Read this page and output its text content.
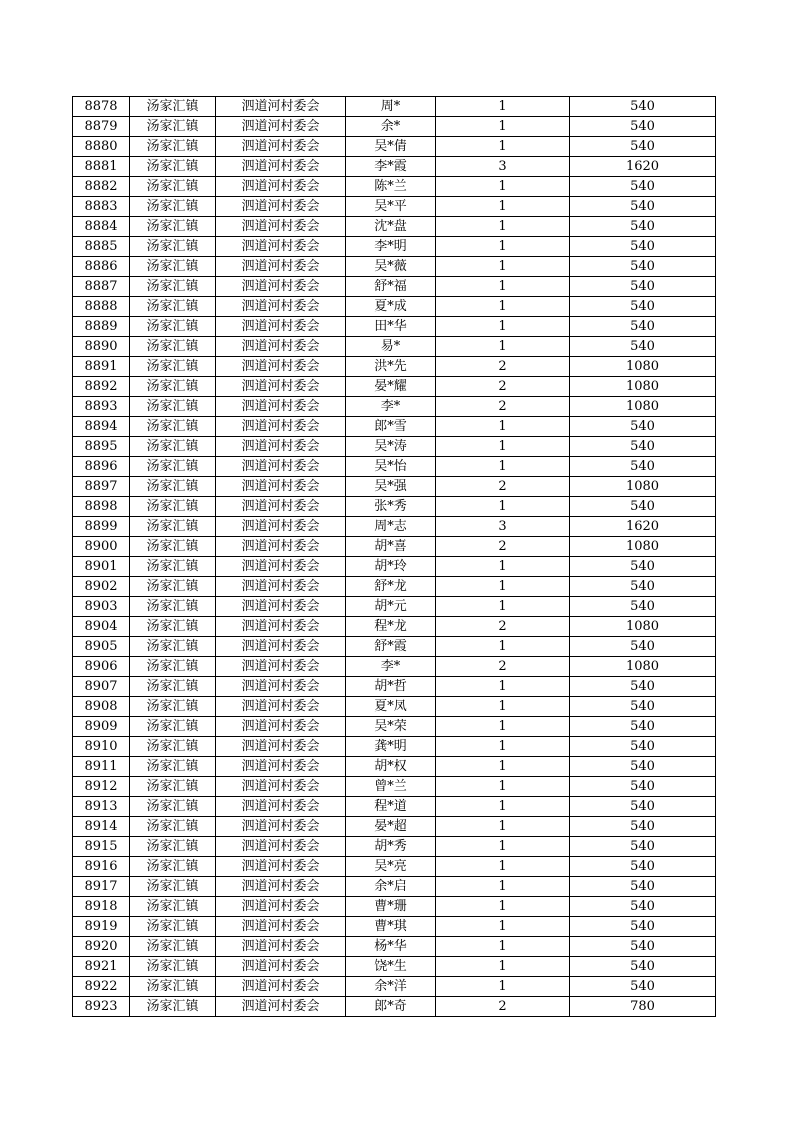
8878	汤家汇镇	泗道河村委会	周*	1	540
8879	汤家汇镇	泗道河村委会	余*	1	540
8880	汤家汇镇	泗道河村委会	吴*倩	1	540
8881	汤家汇镇	泗道河村委会	李*霞	3	1620
8882	汤家汇镇	泗道河村委会	陈*兰	1	540
8883	汤家汇镇	泗道河村委会	吴*平	1	540
8884	汤家汇镇	泗道河村委会	沈*盘	1	540
8885	汤家汇镇	泗道河村委会	李*明	1	540
8886	汤家汇镇	泗道河村委会	吴*薇	1	540
8887	汤家汇镇	泗道河村委会	舒*福	1	540
8888	汤家汇镇	泗道河村委会	夏*成	1	540
8889	汤家汇镇	泗道河村委会	田*华	1	540
8890	汤家汇镇	泗道河村委会	易*	1	540
8891	汤家汇镇	泗道河村委会	洪*先	2	1080
8892	汤家汇镇	泗道河村委会	晏*耀	2	1080
8893	汤家汇镇	泗道河村委会	李*	2	1080
8894	汤家汇镇	泗道河村委会	郎*雪	1	540
8895	汤家汇镇	泗道河村委会	吴*涛	1	540
8896	汤家汇镇	泗道河村委会	吴*怡	1	540
8897	汤家汇镇	泗道河村委会	吴*强	2	1080
8898	汤家汇镇	泗道河村委会	张*秀	1	540
8899	汤家汇镇	泗道河村委会	周*志	3	1620
8900	汤家汇镇	泗道河村委会	胡*喜	2	1080
8901	汤家汇镇	泗道河村委会	胡*玲	1	540
8902	汤家汇镇	泗道河村委会	舒*龙	1	540
8903	汤家汇镇	泗道河村委会	胡*元	1	540
8904	汤家汇镇	泗道河村委会	程*龙	2	1080
8905	汤家汇镇	泗道河村委会	舒*霞	1	540
8906	汤家汇镇	泗道河村委会	李*	2	1080
8907	汤家汇镇	泗道河村委会	胡*哲	1	540
8908	汤家汇镇	泗道河村委会	夏*凤	1	540
8909	汤家汇镇	泗道河村委会	吴*荣	1	540
8910	汤家汇镇	泗道河村委会	龚*明	1	540
8911	汤家汇镇	泗道河村委会	胡*权	1	540
8912	汤家汇镇	泗道河村委会	曾*兰	1	540
8913	汤家汇镇	泗道河村委会	程*道	1	540
8914	汤家汇镇	泗道河村委会	晏*超	1	540
8915	汤家汇镇	泗道河村委会	胡*秀	1	540
8916	汤家汇镇	泗道河村委会	吴*亮	1	540
8917	汤家汇镇	泗道河村委会	余*启	1	540
8918	汤家汇镇	泗道河村委会	曹*珊	1	540
8919	汤家汇镇	泗道河村委会	曹*琪	1	540
8920	汤家汇镇	泗道河村委会	杨*华	1	540
8921	汤家汇镇	泗道河村委会	饶*生	1	540
8922	汤家汇镇	泗道河村委会	余*洋	1	540
8923	汤家汇镇	泗道河村委会	郎*奇	2	780
